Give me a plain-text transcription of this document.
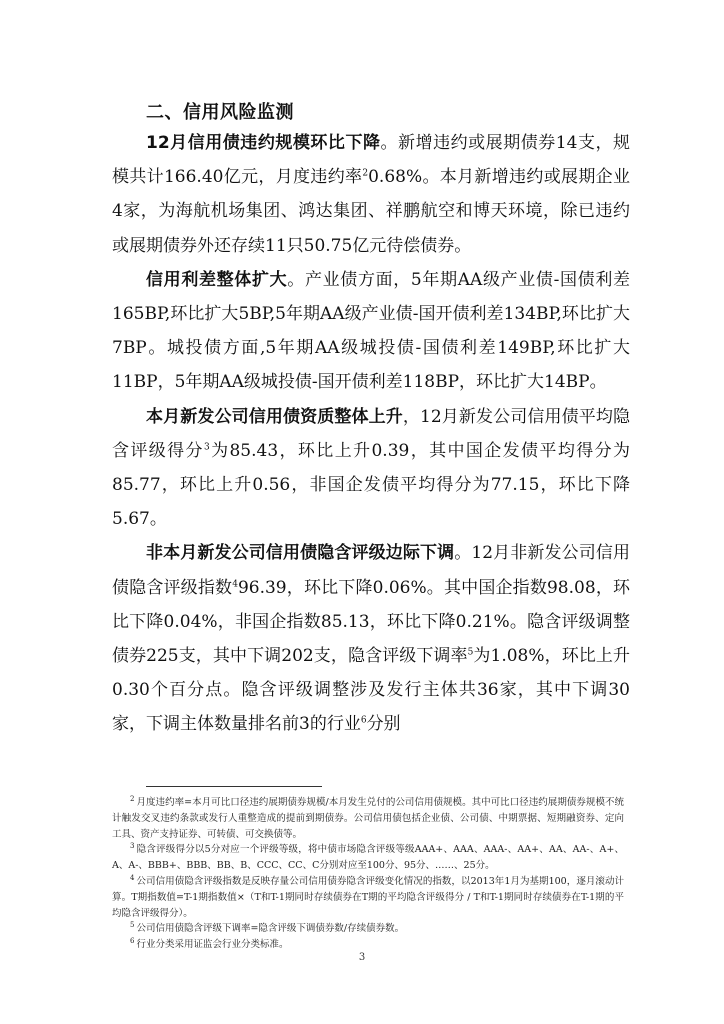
二、信用风险监测

12月信用债违约规模环比下降。新增违约或展期债券14支，规模共计166.40亿元，月度违约率$^2$0.68%。本月新增违约或展期企业4家，为海航机场集团、鸿达集团、祥鹏航空和博天环境，除已违约或展期债券外还存续11只50.75亿元待偿债券。

信用利差整体扩大。产业债方面，5年期AA级产业债-国债利差165BP,环比扩大5BP,5年期AA级产业债-国开债利差134BP,环比扩大7BP。城投债方面,5年期AA级城投债-国债利差149BP,环比扩大11BP，5年期AA级城投债-国开债利差118BP，环比扩大14BP。

本月新发公司信用债资质整体上升，12月新发公司信用债平均隐含评级得分$^3$为85.43，环比上升0.39，其中国企发债平均得分为85.77，环比上升0.56，非国企发债平均得分为77.15，环比下降5.67。

非本月新发公司信用债隐含评级边际下调。12月非新发公司信用债隐含评级指数$^4$96.39，环比下降0.06%。其中国企指数98.08，环比下降0.04%，非国企指数85.13，环比下降0.21%。隐含评级调整债券225支，其中下调202支，隐含评级下调率$^5$为1.08%，环比上升0.30个百分点。隐含评级调整涉及发行主体共36家，其中下调30家，下调主体数量排名前3的行业$^6$分别

$^2$ 月度违约率=本月可比口径违约展期债券规模/本月发生兑付的公司信用债规模。其中可比口径违约展期债券规模不统计触发交叉违约条款或发行人重整造成的提前到期债券。公司信用债包括企业债、公司债、中期票据、短期融资券、定向工具、资产支持证券、可转债、可交换债等。

$^3$ 隐含评级得分以5分对应一个评级等级，将中债市场隐含评级等级AAA+、AAA、AAA-、AA+、AA、AA-、A+、A、A-、BBB+、BBB、BB、B、CCC、CC、C分别对应至100分、95分、……、25分。

$^4$ 公司信用债隐含评级指数是反映存量公司信用债券隐含评级变化情况的指数，以2013年1月为基期100，逐月滚动计算。T期指数值=T-1期指数值×（T和T-1期同时存续债券在T期的平均隐含评级得分 / T和T-1期同时存续债券在T-1期的平均隐含评级得分）。

$^5$ 公司信用债隐含评级下调率=隐含评级下调债券数/存续债券数。

$^6$ 行业分类采用证监会行业分类标准。

3
